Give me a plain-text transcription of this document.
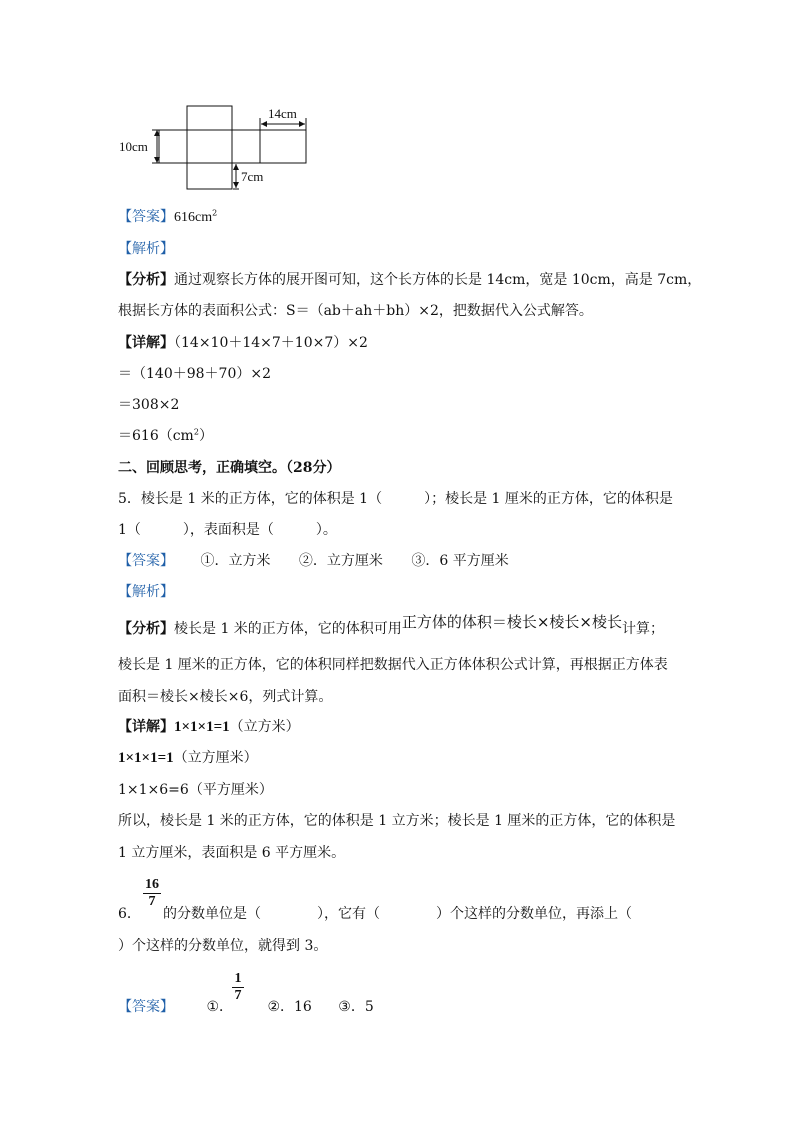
10cm
14cm
7cm
【答案】$616cm^2$
【解析】
【分析】通过观察长方体的展开图可知，这个长方体的长是 14cm，宽是 10cm，高是 7cm，
根据长方体的表面积公式：S＝（ab＋ah＋bh）×2，把数据代入公式解答。
【详解】（14×10＋14×7＋10×7）×2
＝（140＋98＋70）×2
＝308×2
$=616(cm^2)$
二、回顾思考，正确填空。（28分）
5．棱长是 1 米的正方体，它的体积是 1（　　　）；棱长是 1 厘米的正方体，它的体积是
1（　　　），表面积是（　　　）。
【答案】 ①．立方米 ②．立方厘米 ③．6 平方厘米
【解析】
【分析】棱长是 1 米的正方体，它的体积可用正方体的体积＝棱长×棱长×棱长计算；
棱长是 1 厘米的正方体，它的体积同样把数据代入正方体体积公式计算，再根据正方体表
面积＝棱长×棱长×6，列式计算。
【详解】1×1×1=1（立方米）
1×1×1=1（立方厘米）
1×1×6=6（平方厘米）
所以，棱长是 1 米的正方体，它的体积是 1 立方米；棱长是 1 厘米的正方体，它的体积是
1 立方厘米，表面积是 6 平方厘米。
6．
16
7
的分数单位是（　　　　），它有（　　　　）个这样的分数单位，再添上（
）个这样的分数单位，就得到 3。
【答案】 ①． ②．16 ③．5
1
7
